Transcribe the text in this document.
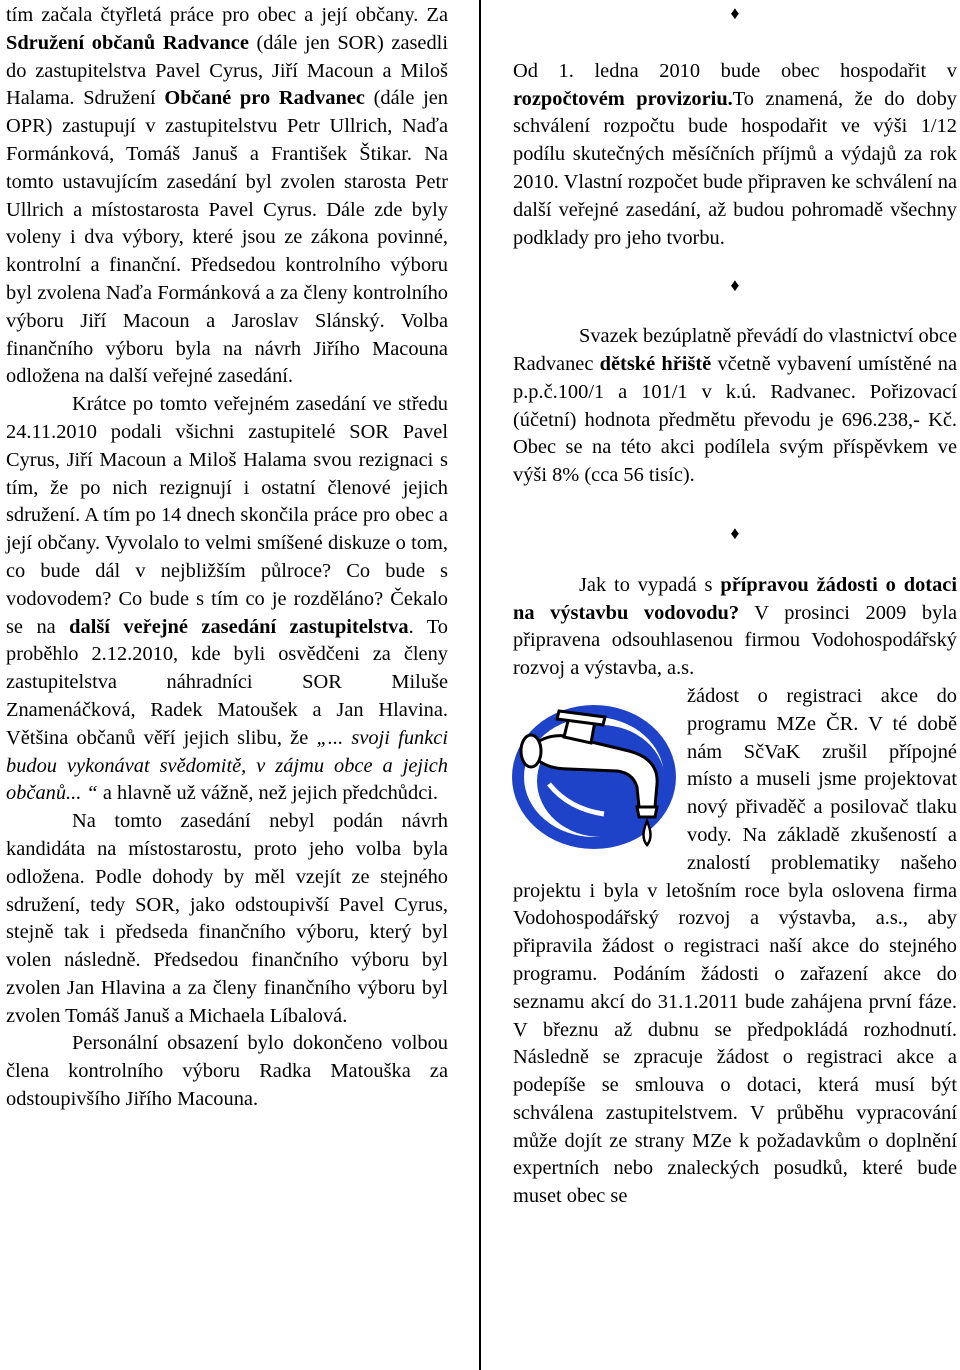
tím začala čtyřletá práce pro obec a její občany. Za Sdružení občanů Radvance (dále jen SOR) zasedli do zastupitelstva Pavel Cyrus, Jiří Macoun a Miloš Halama. Sdružení Občané pro Radvanec (dále jen OPR) zastupují v zastupitelstvu Petr Ullrich, Naďa Formánková, Tomáš Januš a František Štikar. Na tomto ustavujícím zasedání byl zvolen starosta Petr Ullrich a místostarosta Pavel Cyrus. Dále zde byly voleny i dva výbory, které jsou ze zákona povinné, kontrolní a finanční. Předsedou kontrolního výboru byl zvolena Naďa Formánková a za členy kontrolního výboru Jiří Macoun a Jaroslav Slánský. Volba finančního výboru byla na návrh Jiřího Macouna odložena na další veřejné zasedání.

Krátce po tomto veřejném zasedání ve středu 24.11.2010 podali všichni zastupitelé SOR Pavel Cyrus, Jiří Macoun a Miloš Halama svou rezignaci s tím, že po nich rezignují i ostatní členové jejich sdružení. A tím po 14 dnech skončila práce pro obec a její občany. Vyvolalo to velmi smíšené diskuze o tom, co bude dál v nejbližším půlroce? Co bude s vodovodem? Co bude s tím co je rozděláno? Čekalo se na další veřejné zasedání zastupitelstva. To proběhlo 2.12.2010, kde byli osvědčeni za členy zastupitelstva náhradníci SOR Miluše Znamenáčková, Radek Matoušek a Jan Hlavina. Většina občanů věří jejich slibu, že „... svoji funkci budou vykonávat svědomitě, v zájmu obce a jejich občanů... “ a hlavně už vážně, než jejich předchůdci.

Na tomto zasedání nebyl podán návrh kandidáta na místostarostu, proto jeho volba byla odložena. Podle dohody by měl vzejít ze stejného sdružení, tedy SOR, jako odstoupivší Pavel Cyrus, stejně tak i předseda finančního výboru, který byl volen následně. Předsedou finančního výboru byl zvolen Jan Hlavina a za členy finančního výboru byl zvolen Tomáš Januš a Michaela Líbalová.

Personální obsazení bylo dokončeno volbou člena kontrolního výboru Radka Matouška za odstoupivšího Jiřího Macouna.

♦

Od 1. ledna 2010 bude obec hospodařit v rozpočtovém provizoriu.To znamená, že do doby schválení rozpočtu bude hospodařit ve výši 1/12 podílu skutečných měsíčních příjmů a výdajů za rok 2010. Vlastní rozpočet bude připraven ke schválení na další veřejné zasedání, až budou pohromadě všechny podklady pro jeho tvorbu.

♦

Svazek bezúplatně převádí do vlastnictví obce Radvanec dětské hřiště včetně vybavení umístěné na p.p.č.100/1 a 101/1 v k.ú. Radvanec. Pořizovací (účetní) hodnota předmětu převodu je 696.238,- Kč. Obec se na této akci podílela svým příspěvkem ve výši 8% (cca 56 tisíc).

♦

Jak to vypadá s přípravou žádosti o dotaci na výstavbu vodovodu? V prosinci 2009 byla připravena odsouhlasenou firmou Vodohospodářský rozvoj a výstavba, a.s.

žádost o registraci akce do programu MZe ČR. V té době nám SčVaK zrušil přípojné místo a museli jsme projektovat nový přivaděč a posilovač tlaku vody. Na základě zkušeností a znalostí problematiky našeho projektu i byla v letošním roce byla oslovena firma Vodohospodářský rozvoj a výstavba, a.s., aby připravila žádost o registraci naší akce do stejného programu. Podáním žádosti o zařazení akce do seznamu akcí do 31.1.2011 bude zahájena první fáze. V březnu až dubnu se předpokládá rozhodnutí. Následně se zpracuje žádost o registraci akce a podepíše se smlouva o dotaci, která musí být schválena zastupitelstvem. V průběhu vypracování může dojít ze strany MZe k požadavkům o doplnění expertních nebo znaleckých posudků, které bude muset obec se
